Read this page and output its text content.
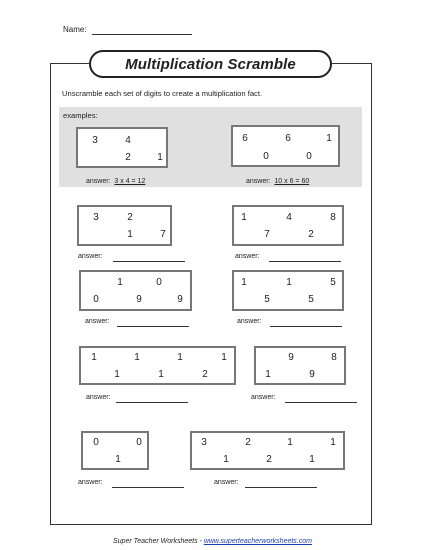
Name:
Multiplication Scramble
Unscramble each set of digits to create a multiplication fact.
examples:
3	4
2	1
answer: 3 x 4 = 12
6	6	1
0	0
answer: 10 x 6 = 60
3	2
1	7
answer:
1	4	8
7	2
answer:
1	0
0	9	9
answer:
1	1	5
5	5
answer:
1	1	1	1
1	1	2
answer:
9	8
1	9
answer:
0	0
1
answer:
3	2	1	1
1	2	1
answer:
Super Teacher Worksheets - www.superteacherworksheets.com
